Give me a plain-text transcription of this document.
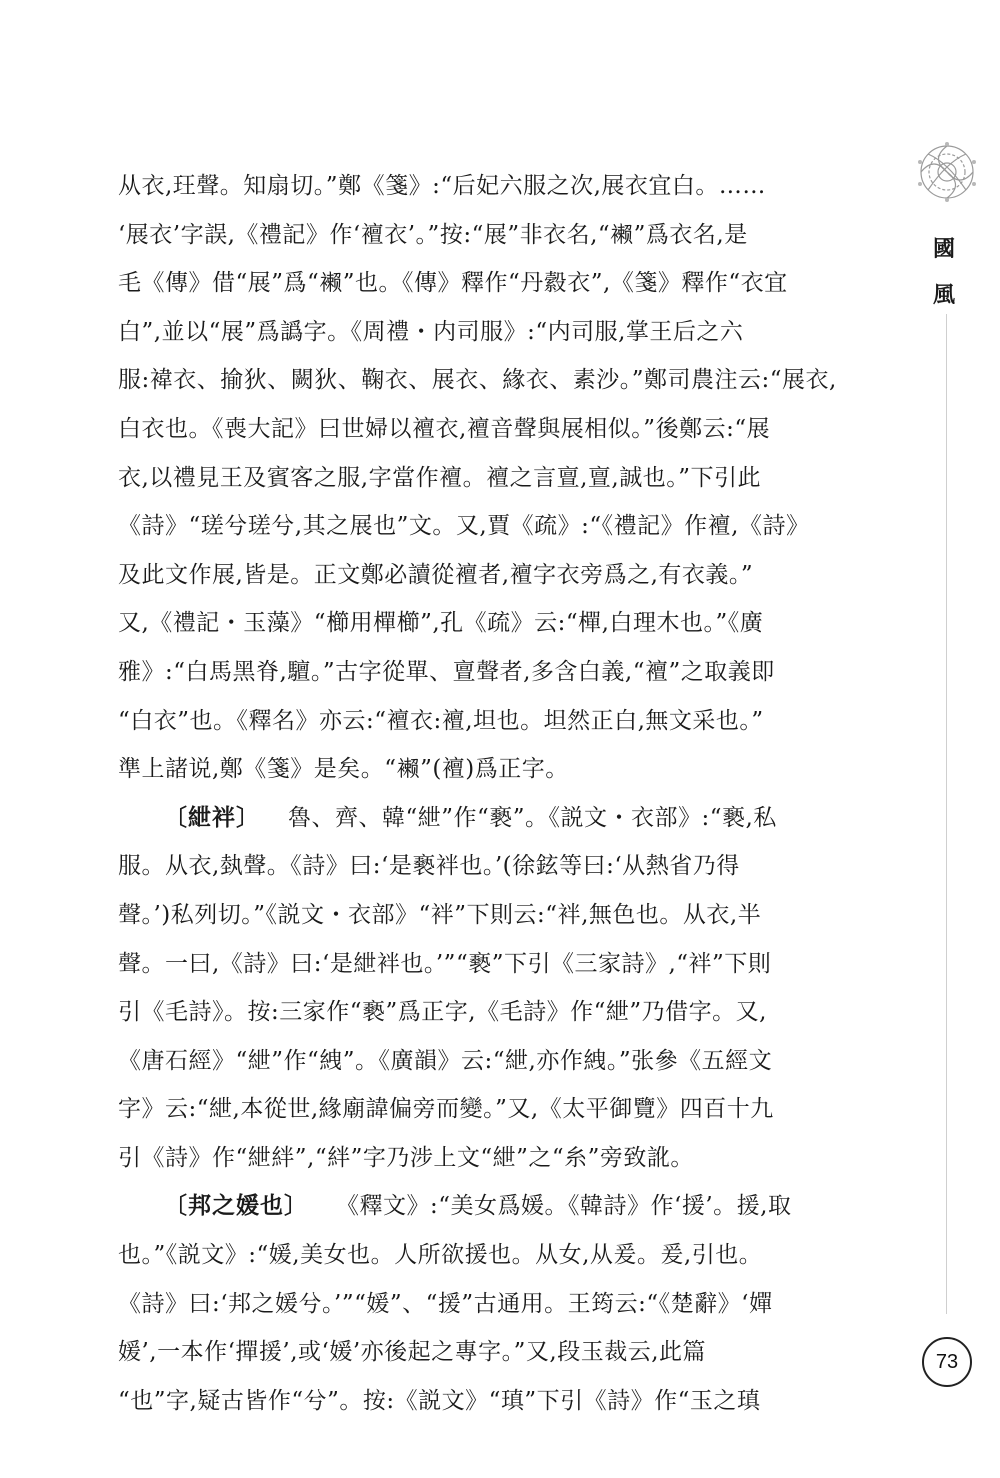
國
風
从衣,玨聲。知扇切。”鄭《箋》:“后妃六服之次,展衣宜白。……
‘展衣’字誤,《禮記》作‘襢衣’。”按:“展”非衣名,“𧝝”爲衣名,是
毛《傳》借“展”爲“𧝝”也。《傳》釋作“丹縠衣”,《箋》釋作“衣宜
白”,並以“展”爲譌字。《周禮・内司服》:“内司服,掌王后之六
服:褘衣、揄狄、闕狄、鞠衣、展衣、緣衣、素沙。”鄭司農注云:“展衣,
白衣也。《喪大記》曰世婦以襢衣,襢音聲與展相似。”後鄭云:“展
衣,以禮見王及賓客之服,字當作襢。襢之言亶,亶,誠也。”下引此
《詩》“瑳兮瑳兮,其之展也”文。又,賈《疏》:“《禮記》作襢,《詩》
及此文作展,皆是。正文鄭必讀從襢者,襢字衣旁爲之,有衣義。”
又,《禮記・玉藻》“櫛用樿櫛”,孔《疏》云:“樿,白理木也。”《廣
雅》:“白馬黑脊,驙。”古字從單、亶聲者,多含白義,“襢”之取義即
“白衣”也。《釋名》亦云:“襢衣:襢,坦也。坦然正白,無文采也。”
準上諸说,鄭《箋》是矣。“𧝝”(襢)爲正字。
〔紲袢〕 魯、齊、韓“紲”作“褻”。《説文・衣部》:“褻,私
服。从衣,埶聲。《詩》曰:‘是褻袢也。’(徐鉉等曰:‘从熱省乃得
聲。’)私列切。”《説文・衣部》“袢”下則云:“袢,無色也。从衣,半
聲。一曰,《詩》曰:‘是紲袢也。’”“褻”下引《三家詩》,“袢”下則
引《毛詩》。按:三家作“褻”爲正字,《毛詩》作“紲”乃借字。又,
《唐石經》“紲”作“絏”。《廣韻》云:“紲,亦作絏。”张參《五經文
字》云:“紲,本從世,緣廟諱偏旁而變。”又,《太平御覽》四百十九
引《詩》作“紲絆”,“絆”字乃涉上文“紲”之“糸”旁致訛。
〔邦之媛也〕 《釋文》:“美女爲媛。《韓詩》作‘援’。援,取
也。”《説文》:“媛,美女也。人所欲援也。从女,从爰。爰,引也。
《詩》曰:‘邦之媛兮。’”“媛”、“援”古通用。王筠云:“《楚辭》‘嬋
媛’,一本作‘撣援’,或‘媛’亦後起之專字。”又,段玉裁云,此篇
“也”字,疑古皆作“兮”。按:《説文》“瑱”下引《詩》作“玉之瑱
73
